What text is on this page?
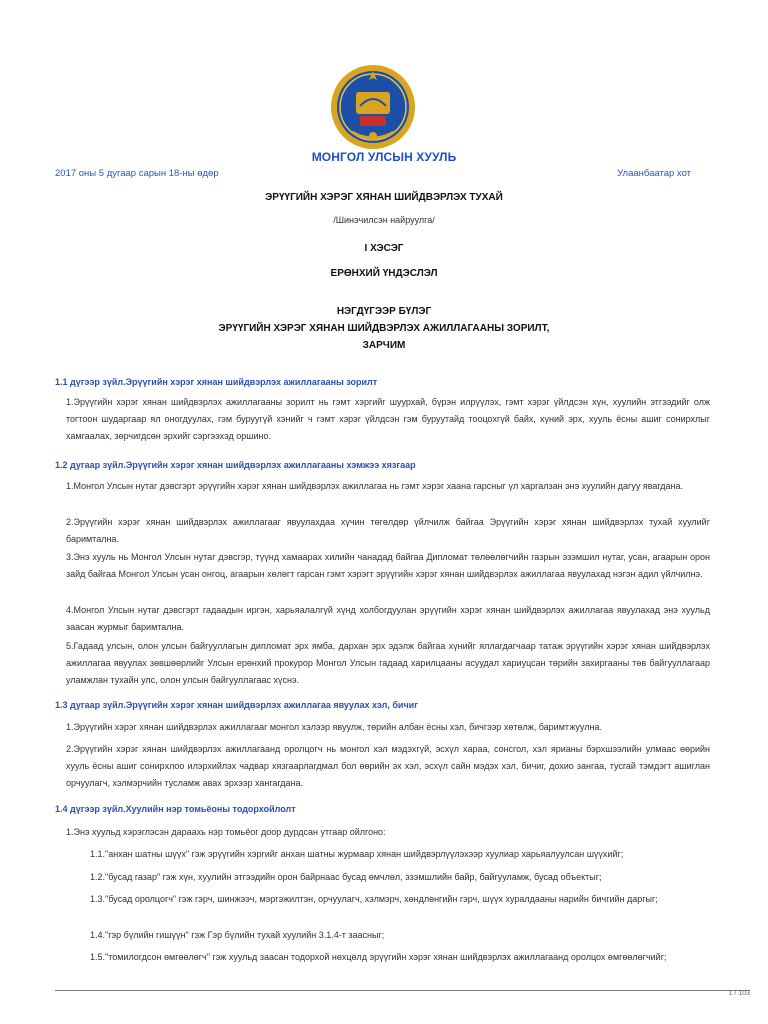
МОНГОЛ УЛСЫН ХУУЛЬ
2017 оны 5 дугаар сарын 18-ны өдөр	Улаанбаатар хот
ЭРҮҮГИЙН ХЭРЭГ ХЯНАН ШИЙДВЭРЛЭХ ТУХАЙ
/Шинэчилсэн найруулга/
I ХЭСЭГ
ЕРӨНХИЙ ҮНДЭСЛЭЛ
НЭГДҮГЭЭР БҮЛЭГ
ЭРҮҮГИЙН ХЭРЭГ ХЯНАН ШИЙДВЭРЛЭХ АЖИЛЛАГААНЫ ЗОРИЛТ,
ЗАРЧИМ
1.1 дүгээр зүйл.Эрүүгийн хэрэг хянан шийдвэрлэх ажиллагааны зорилт
1.Эрүүгийн хэрэг хянан шийдвэрлэх ажиллагааны зорилт нь гэмт хэргийг шуурхай, бүрэн илрүүлэх, гэмт хэрэг үйлдсэн хүн, хуулийн этгээдийг олж тогтоон шударгаар ял оногдуулах, гэм буруугүй хэнийг ч гэмт хэрэг үйлдсэн гэм буруутайд тооцохгүй байх, хүний эрх, хууль ёсны ашиг сонирхлыг хамгаалах, зөрчигдсөн эрхийг сэргээхэд оршино.
1.2 дугаар зүйл.Эрүүгийн хэрэг хянан шийдвэрлэх ажиллагааны хэмжээ хязгаар
1.Монгол Улсын нутаг дэвсгэрт эрүүгийн хэрэг хянан шийдвэрлэх ажиллагаа нь гэмт хэрэг хаана гарсныг үл харгалзан энэ хуулийн дагуу явагдана.
2.Эрүүгийн хэрэг хянан шийдвэрлэх ажиллагааг явуулахдаа хүчин төгөлдөр үйлчилж байгаа Эрүүгийн хэрэг хянан шийдвэрлэх тухай хуулийг баримтална.
3.Энэ хууль нь Монгол Улсын нутаг дэвсгэр, түүнд хамаарах хилийн чанадад байгаа Дипломат төлөөлөгчийн газрын эзэмшил нутаг, усан, агаарын орон зайд байгаа Монгол Улсын усан онгоц, агаарын хөлөгт гарсан гэмт хэрэгт эрүүгийн хэрэг хянан шийдвэрлэх ажиллагаа явуулахад нэгэн адил үйлчилнэ.
4.Монгол Улсын нутаг дэвсгэрт гадаадын иргэн, харьяалалгүй хүнд холбогдуулан эрүүгийн хэрэг хянан шийдвэрлэх ажиллагаа явуулахад энэ хуульд заасан журмыг баримтална.
5.Гадаад улсын, олон улсын байгууллагын дипломат эрх ямба, дархан эрх эдэлж байгаа хүнийг яллагдагчаар татаж эрүүгийн хэрэг хянан шийдвэрлэх ажиллагаа явуулах зөвшөөрлийг Улсын ерөнхий прокурор Монгол Улсын гадаад харилцааны асуудал хариуцсан төрийн захиргааны төв байгууллагаар уламжлан тухайн улс, олон улсын байгууллагаас хүснэ.
1.3 дугаар зүйл.Эрүүгийн хэрэг хянан шийдвэрлэх ажиллагаа явуулах хэл, бичиг
1.Эрүүгийн хэрэг хянан шийдвэрлэх ажиллагааг монгол хэлээр явуулж, төрийн албан ёсны хэл, бичгээр хөтөлж, баримтжуулна.
2.Эрүүгийн хэрэг хянан шийдвэрлэх ажиллагаанд оролцогч нь монгол хэл мэдэхгүй, эсхүл хараа, сонсгол, хэл ярианы бэрхшээлийн улмаас өөрийн хууль ёсны ашиг сонирхлоо илэрхийлэх чадвар хязгаарлагдмал бол өөрийн эх хэл, эсхүл сайн мэдэх хэл, бичиг, дохио зангаа, тусгай тэмдэгт ашиглан орчуулагч, хэлмэрчийн тусламж авах эрхээр хангагдана.
1.4 дүгээр зүйл.Хуулийн нэр томьёоны тодорхойлолт
1.Энэ хуульд хэрэглэсэн дараахь нэр томьёог доор дурдсан утгаар ойлгоно:
1.1."анхан шатны шүүх" гэж эрүүгийн хэргийг анхан шатны журмаар хянан шийдвэрлүүлэхээр хуулиар харьяалуулсан шүүхийг;
1.2."бусад газар" гэж хүн, хуулийн этгээдийн орон байрнаас бусад өмчлөл, эзэмшлийн байр, байгууламж, бусад объектыг;
1.3."бусад оролцогч" гэж гэрч, шинжээч, мэргэжилтэн, орчуулагч, хэлмэрч, хөндлөнгийн гэрч, шүүх хуралдааны нарийн бичгийн даргыг;
1.4."гэр бүлийн гишүүн" гэж Гэр бүлийн тухай хуулийн 3.1.4-т заасныг;
1.5."томилогдсон өмгөөлөгч" гэж хуульд заасан тодорхой нөхцөлд эрүүгийн хэрэг хянан шийдвэрлэх ажиллагаанд оролцох өмгөөлөгчийг;
1 / 103
